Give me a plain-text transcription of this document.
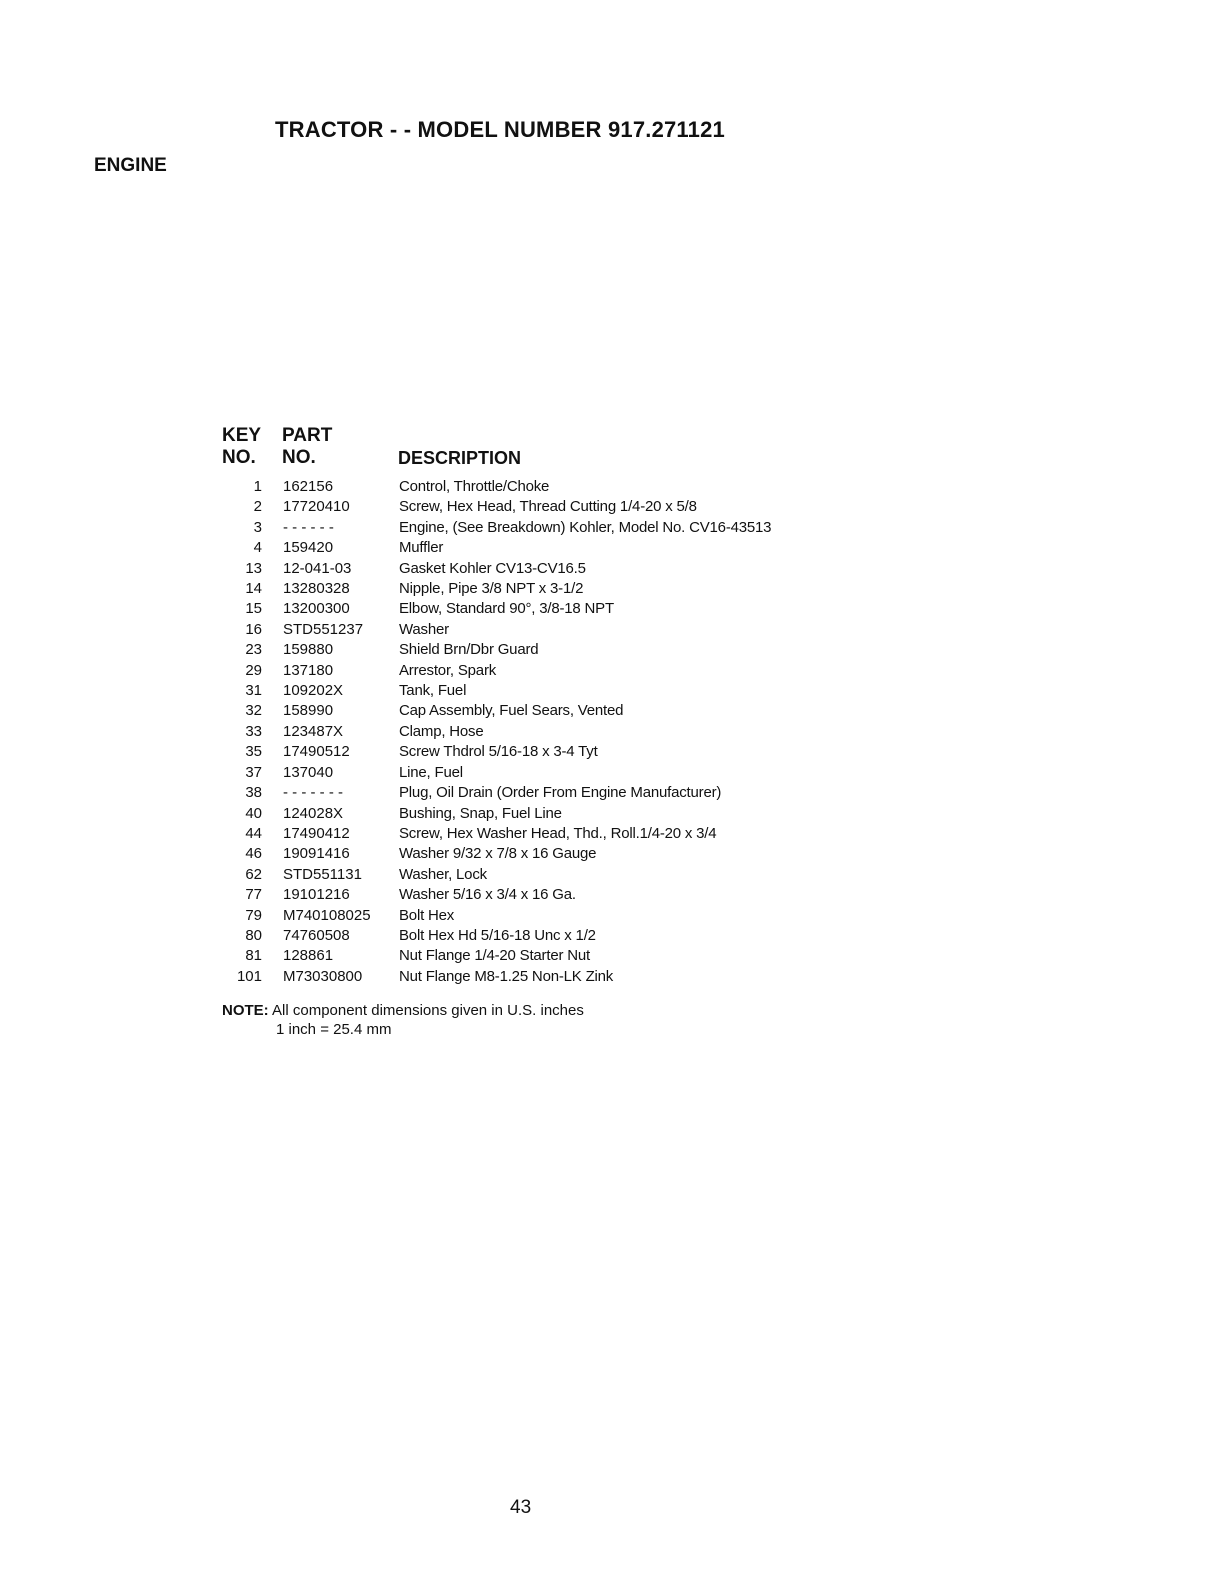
TRACTOR - - MODEL NUMBER 917.271121
ENGINE
KEY
NO.
PART
NO.	DESCRIPTION
1	162156	Control, Throttle/Choke
2	17720410	Screw, Hex Head, Thread Cutting 1/4-20 x 5/8
3	- - - - - -	Engine, (See Breakdown) Kohler, Model No. CV16-43513
4	159420	Muffler
13	12-041-03	Gasket Kohler CV13-CV16.5
14	13280328	Nipple, Pipe 3/8 NPT x 3-1/2
15	13200300	Elbow, Standard 90°, 3/8-18 NPT
16	STD551237	Washer
23	159880	Shield Brn/Dbr Guard
29	137180	Arrestor, Spark
31	109202X	Tank, Fuel
32	158990	Cap Assembly, Fuel Sears, Vented
33	123487X	Clamp, Hose
35	17490512	Screw Thdrol 5/16-18 x 3-4 Tyt
37	137040	Line, Fuel
38	- - - - - - -	Plug, Oil Drain (Order From Engine Manufacturer)
40	124028X	Bushing, Snap, Fuel Line
44	17490412	Screw, Hex Washer Head, Thd., Roll.1/4-20 x 3/4
46	19091416	Washer 9/32 x 7/8 x 16 Gauge
62	STD551131	Washer, Lock
77	19101216	Washer 5/16 x 3/4 x 16 Ga.
79	M740108025	Bolt Hex
80	74760508	Bolt Hex Hd 5/16-18 Unc x 1/2
81	128861	Nut Flange 1/4-20 Starter Nut
101	M73030800	Nut Flange M8-1.25 Non-LK Zink
NOTE: All component dimensions given in U.S. inches
1 inch = 25.4 mm
43
